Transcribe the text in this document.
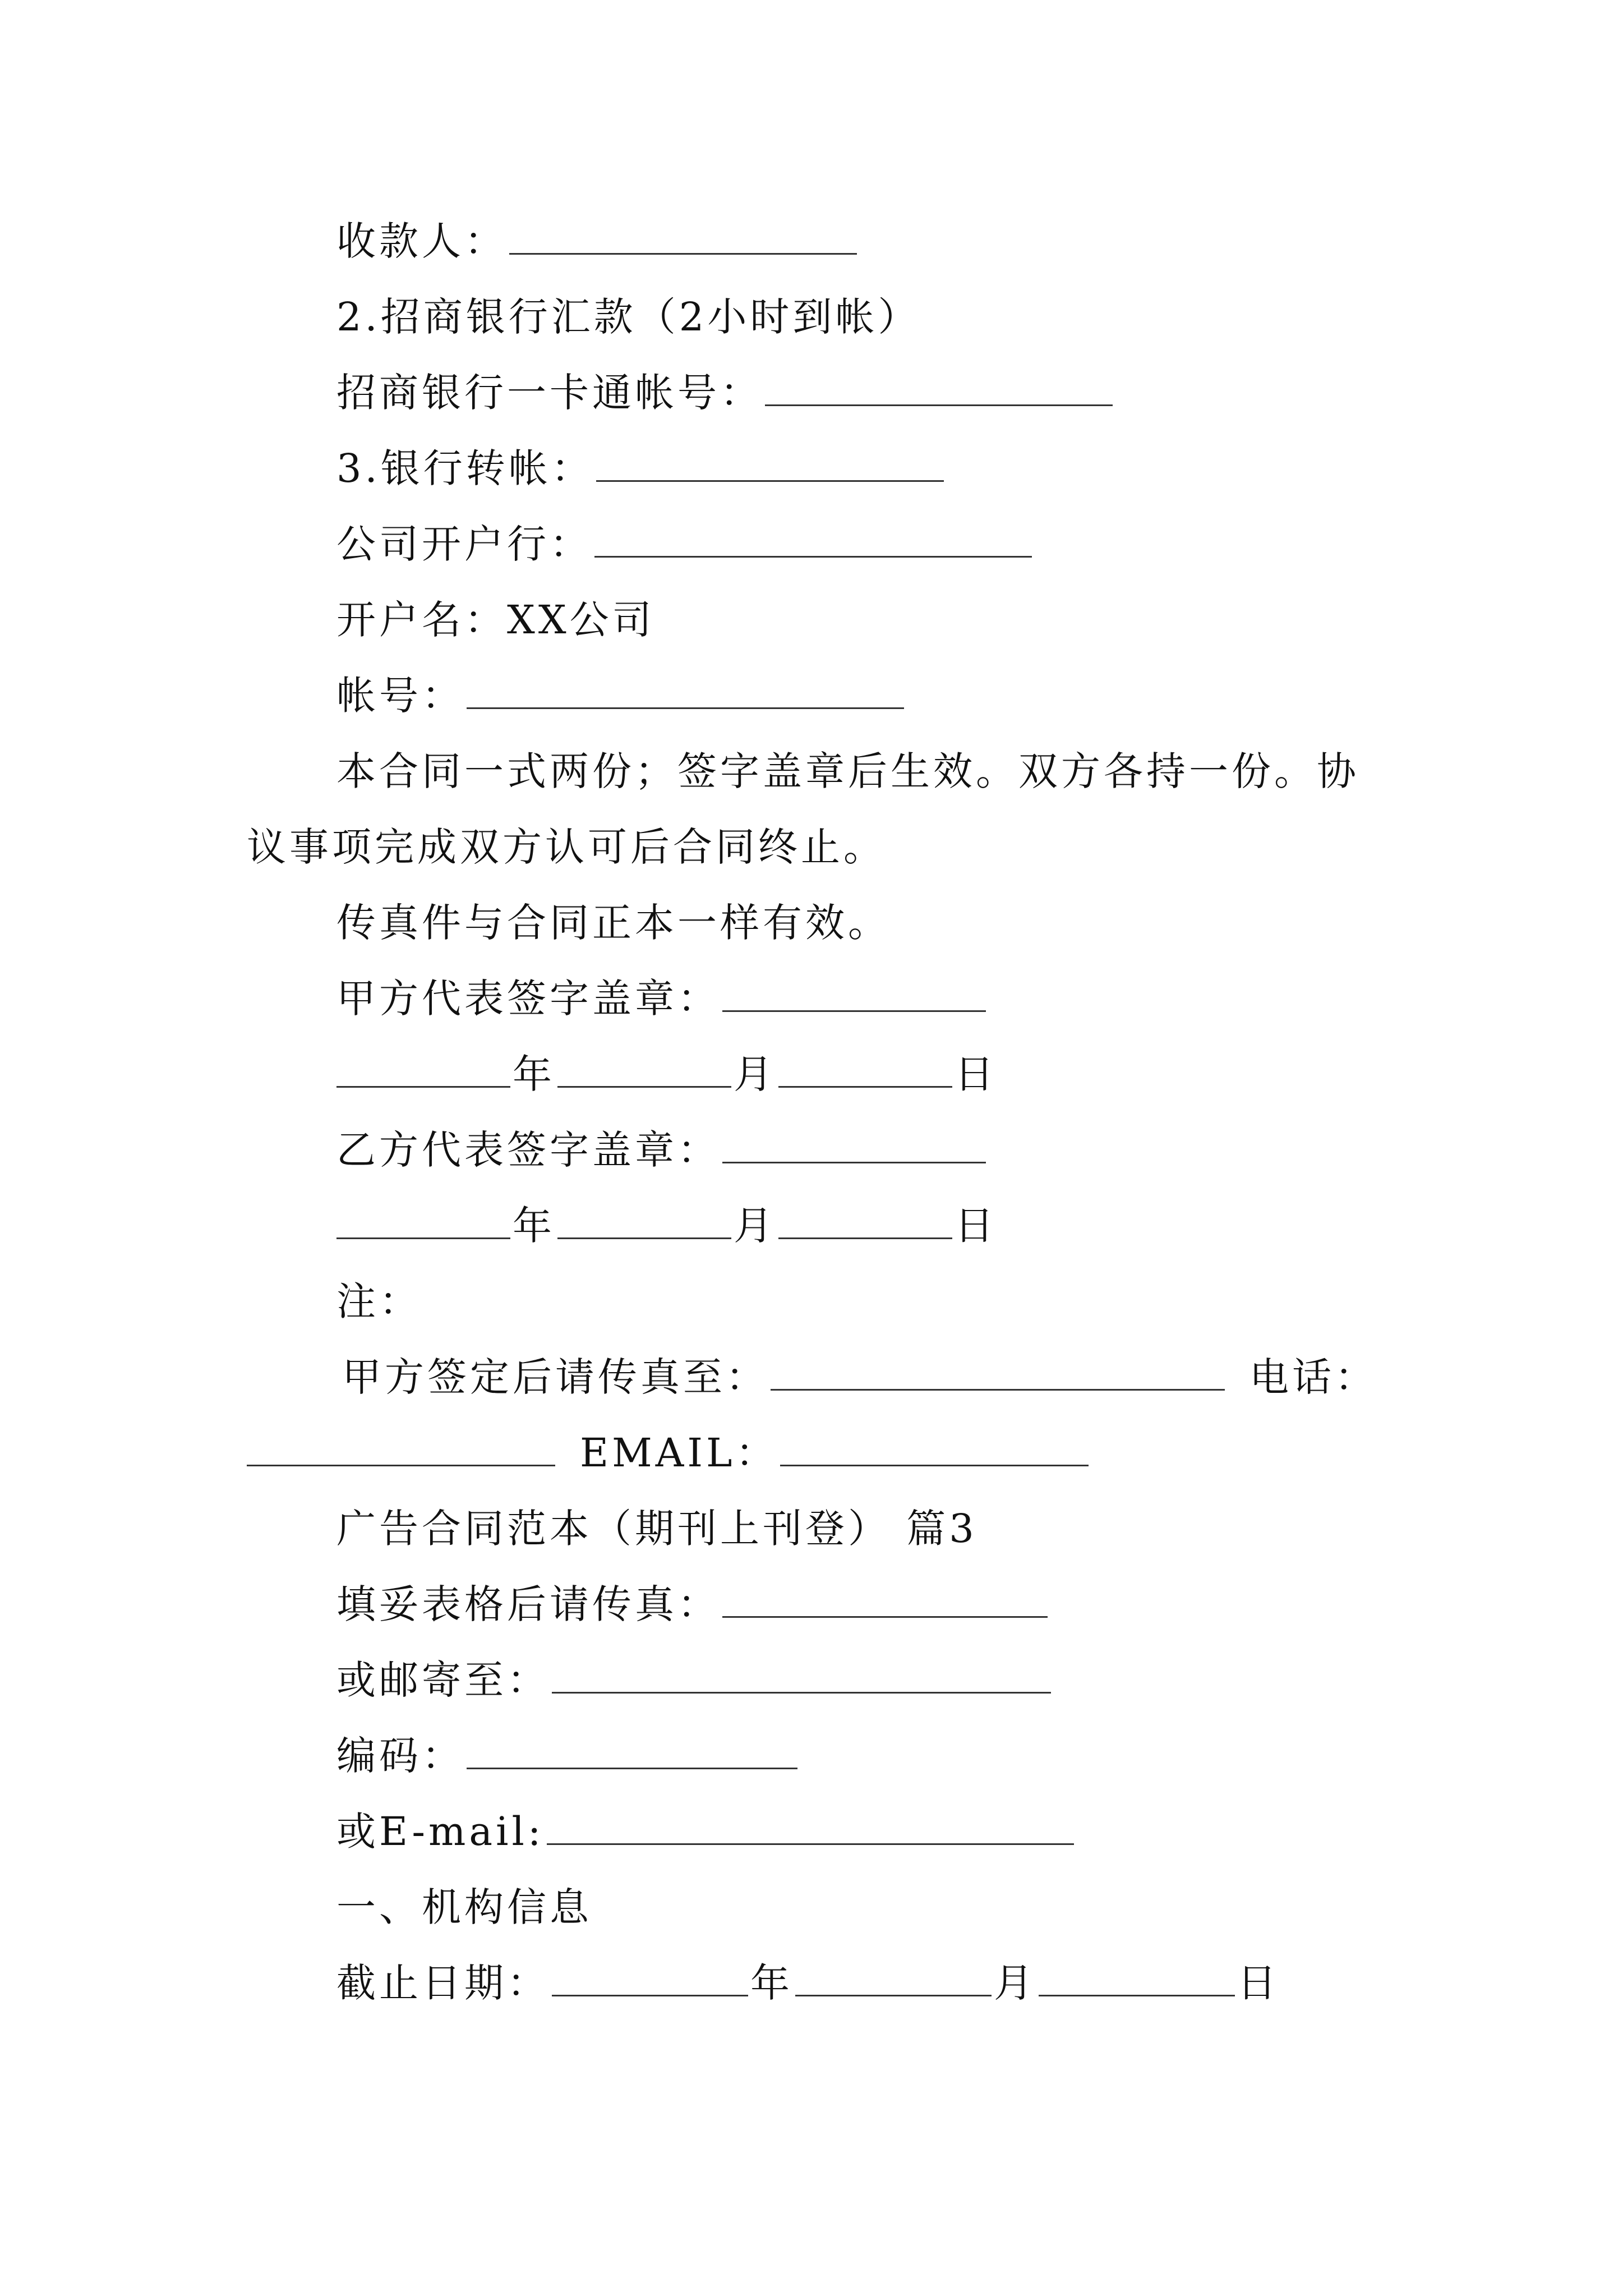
收款人：
2.招商银行汇款（2小时到帐）
招商银行一卡通帐号：
3.银行转帐：
公司开户行：
开户名：XX公司
帐号：
本合同一式两份；签字盖章后生效。双方各持一份。协
议事项完成双方认可后合同终止。
传真件与合同正本一样有效。
甲方代表签字盖章：
年	月	日
乙方代表签字盖章：
年	月	日
注：
甲方签定后请传真至：	电话：
EMAIL：
广告合同范本（期刊上刊登） 篇3
填妥表格后请传真：
或邮寄至：
编码：
或E-mail:
一、机构信息
截止日期：	年	月	日
